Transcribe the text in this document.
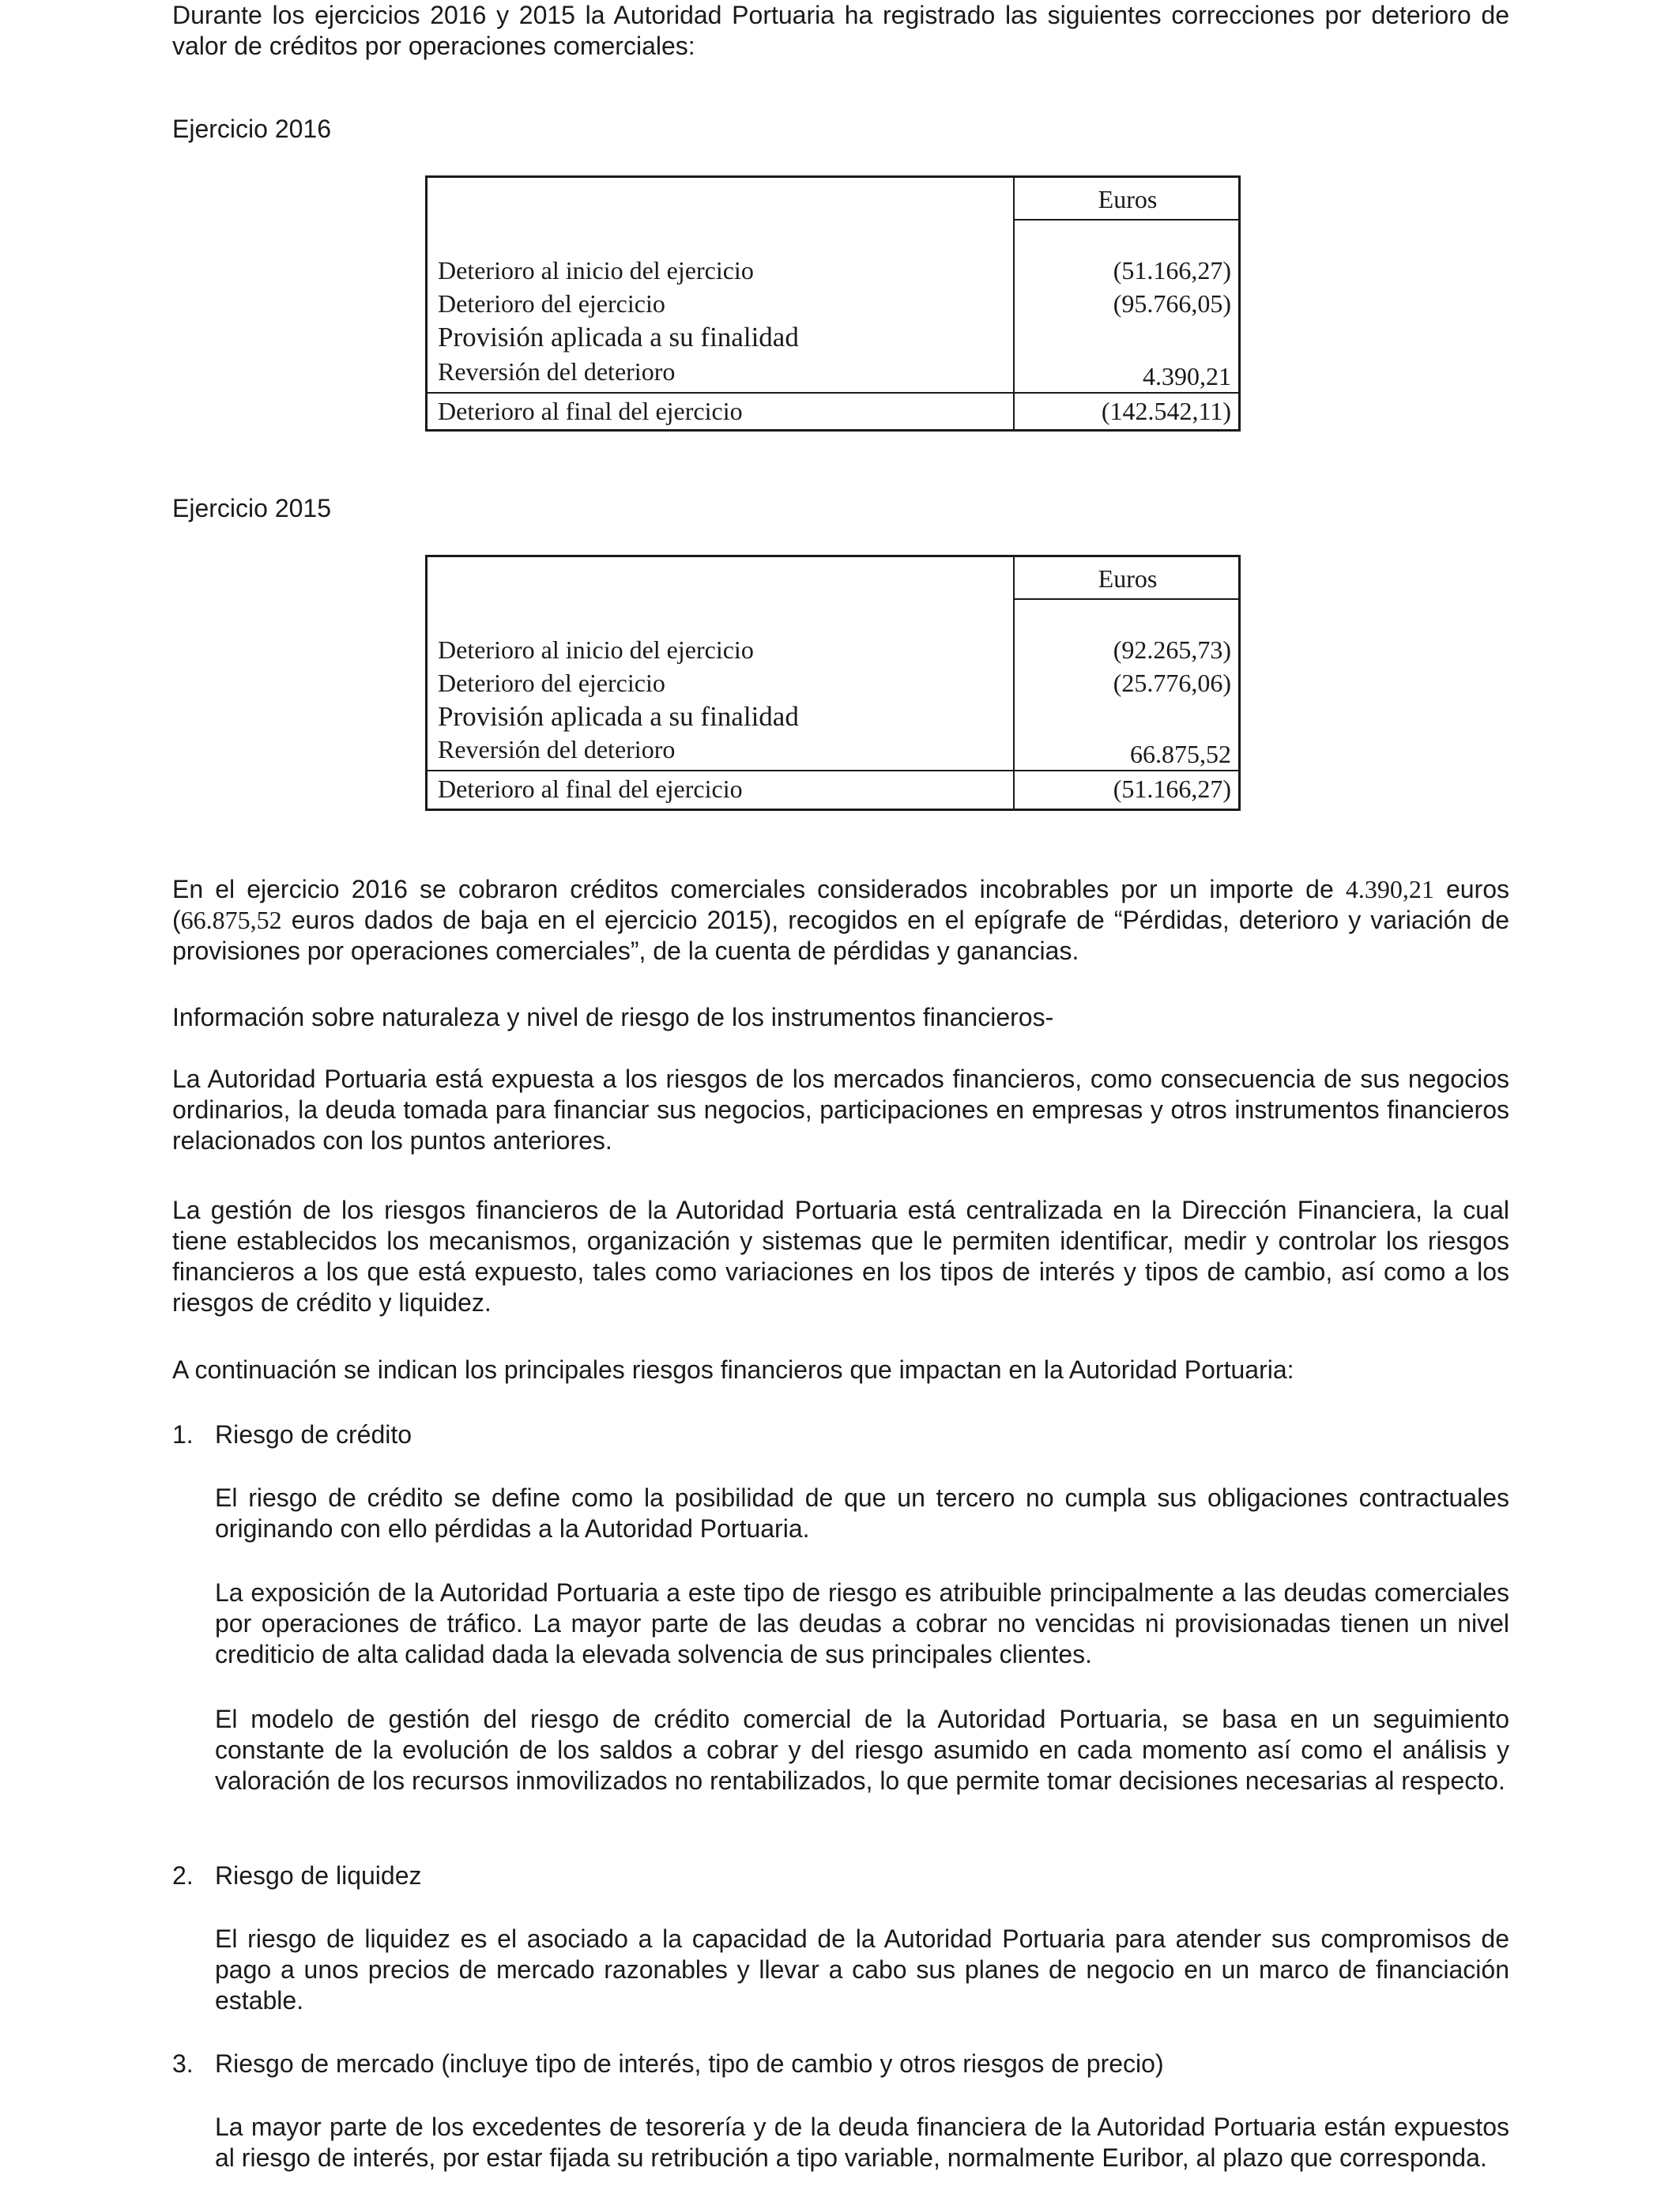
Durante los ejercicios 2016 y 2015 la Autoridad Portuaria ha registrado las siguientes correcciones por deterioro de valor de créditos por operaciones comerciales:

Ejercicio 2016
Euros
Deterioro al inicio del ejercicio	(51.166,27)
Deterioro del ejercicio	(95.766,05)
Provisión aplicada a su finalidad
Reversión del deterioro	4.390,21
Deterioro al final del ejercicio	(142.542,11)
Ejercicio 2015
Euros
Deterioro al inicio del ejercicio	(92.265,73)
Deterioro del ejercicio	(25.776,06)
Provisión aplicada a su finalidad
Reversión del deterioro	66.875,52
Deterioro al final del ejercicio	(51.166,27)

En el ejercicio 2016 se cobraron créditos comerciales considerados incobrables por un importe de 4.390,21 euros (66.875,52 euros dados de baja en el ejercicio 2015), recogidos en el epígrafe de “Pérdidas, deterioro y variación de provisiones por operaciones comerciales”, de la cuenta de pérdidas y ganancias.

Información sobre naturaleza y nivel de riesgo de los instrumentos financieros-

La Autoridad Portuaria está expuesta a los riesgos de los mercados financieros, como consecuencia de sus negocios ordinarios, la deuda tomada para financiar sus negocios, participaciones en empresas y otros instrumentos financieros relacionados con los puntos anteriores.

La gestión de los riesgos financieros de la Autoridad Portuaria está centralizada en la Dirección Financiera, la cual tiene establecidos los mecanismos, organización y sistemas que le permiten identificar, medir y controlar los riesgos financieros a los que está expuesto, tales como variaciones en los tipos de interés y tipos de cambio, así como a los riesgos de crédito y liquidez.

A continuación se indican los principales riesgos financieros que impactan en la Autoridad Portuaria:
1. Riesgo de crédito

El riesgo de crédito se define como la posibilidad de que un tercero no cumpla sus obligaciones contractuales originando con ello pérdidas a la Autoridad Portuaria.

La exposición de la Autoridad Portuaria a este tipo de riesgo es atribuible principalmente a las deudas comerciales por operaciones de tráfico. La mayor parte de las deudas a cobrar no vencidas ni provisionadas tienen un nivel crediticio de alta calidad dada la elevada solvencia de sus principales clientes.

El modelo de gestión del riesgo de crédito comercial de la Autoridad Portuaria, se basa en un seguimiento constante de la evolución de los saldos a cobrar y del riesgo asumido en cada momento así como el análisis y valoración de los recursos inmovilizados no rentabilizados, lo que permite tomar decisiones necesarias al respecto.

2. Riesgo de liquidez

El riesgo de liquidez es el asociado a la capacidad de la Autoridad Portuaria para atender sus compromisos de pago a unos precios de mercado razonables y llevar a cabo sus planes de negocio en un marco de financiación estable.

3. Riesgo de mercado (incluye tipo de interés, tipo de cambio y otros riesgos de precio)

La mayor parte de los excedentes de tesorería y de la deuda financiera de la Autoridad Portuaria están expuestos al riesgo de interés, por estar fijada su retribución a tipo variable, normalmente Euribor, al plazo que corresponda.
